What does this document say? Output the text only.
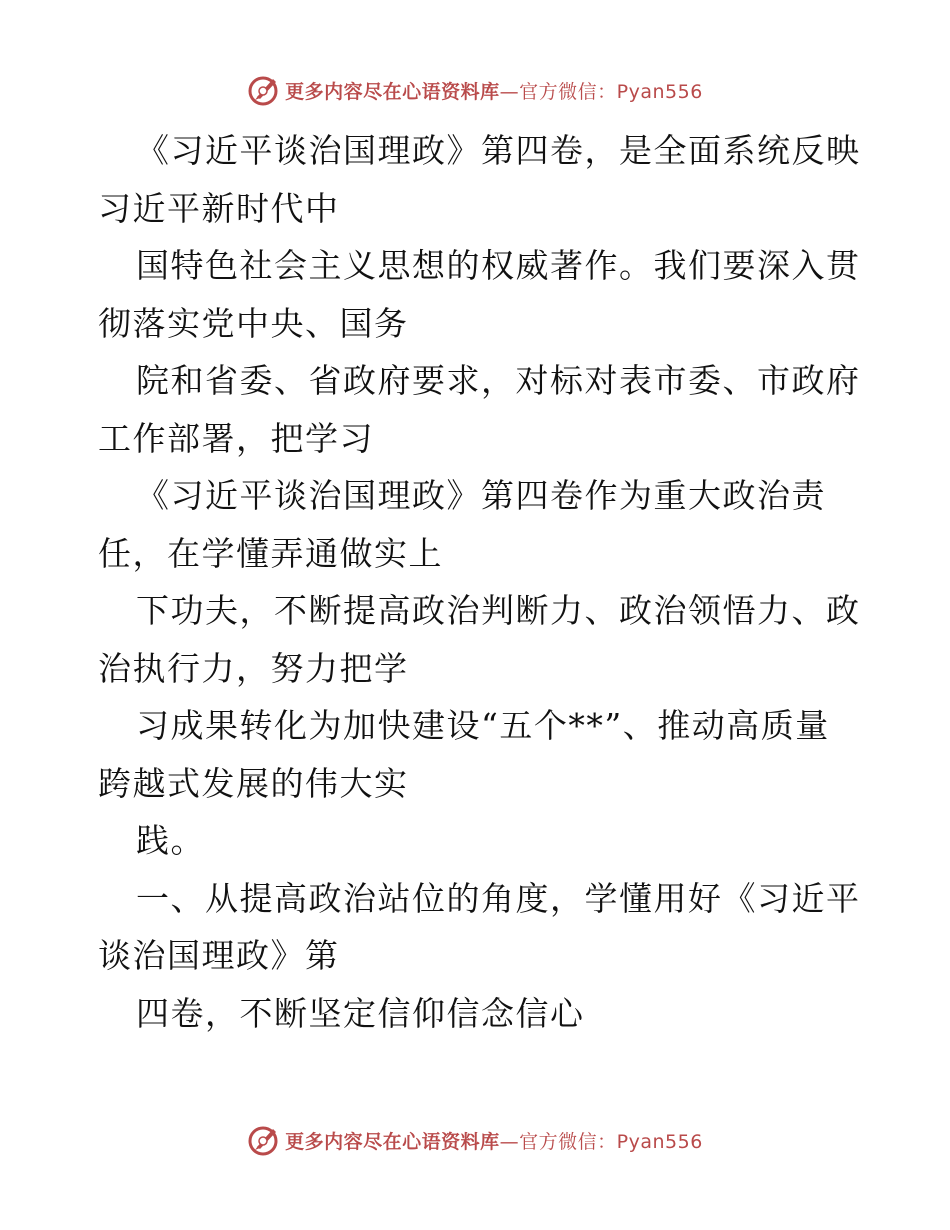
更多内容尽在心语资料库—官方微信：Pyan556
《习近平谈治国理政》第四卷，是全面系统反映
习近平新时代中
国特色社会主义思想的权威著作。我们要深入贯
彻落实党中央、国务
院和省委、省政府要求，对标对表市委、市政府
工作部署，把学习
《习近平谈治国理政》第四卷作为重大政治责
任，在学懂弄通做实上
下功夫，不断提高政治判断力、政治领悟力、政
治执行力，努力把学
习成果转化为加快建设“五个**”、推动高质量
跨越式发展的伟大实
践。
一、从提高政治站位的角度，学懂用好《习近平
谈治国理政》第
四卷，不断坚定信仰信念信心
更多内容尽在心语资料库—官方微信：Pyan556
